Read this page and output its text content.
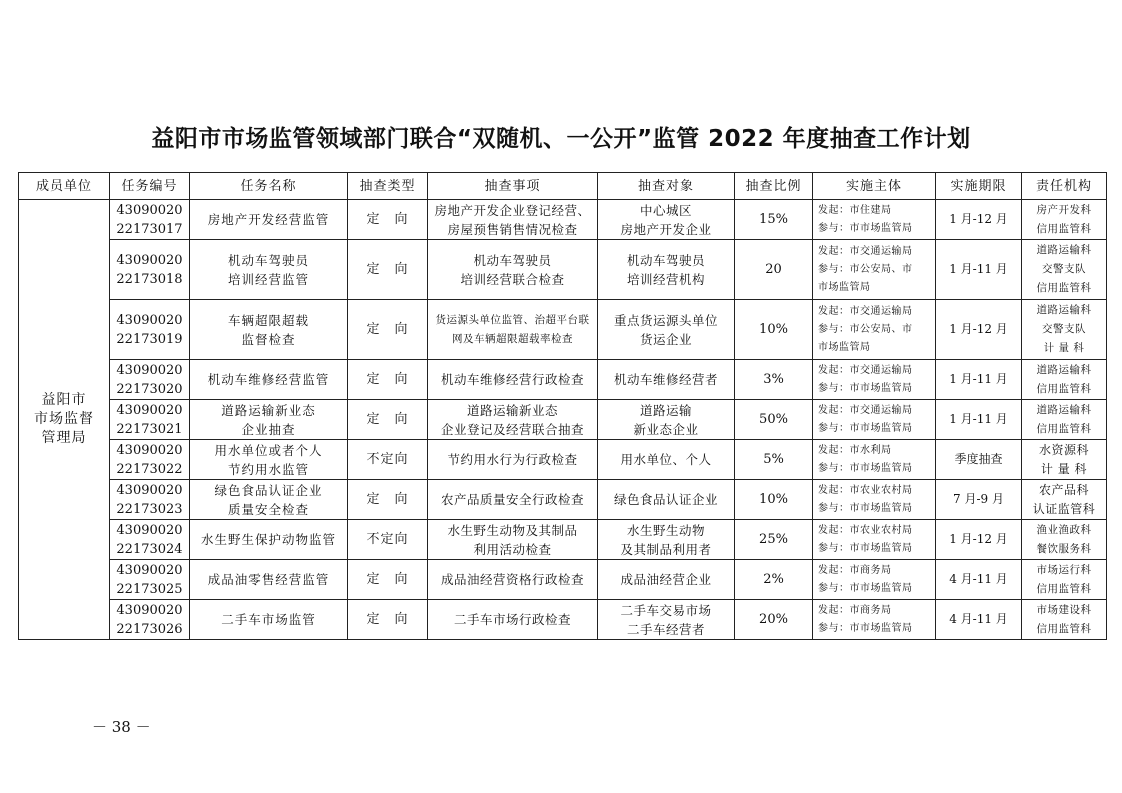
益阳市市场监管领域部门联合“双随机、一公开”监管 2022 年度抽查工作计划
成员单位	任务编号	任务名称	抽查类型	抽查事项	抽查对象	抽查比例	实施主体	实施期限	责任机构

益阳市
市场监督
管理局	43090020
22173017	房地产开发经营监管	定　向	房地产开发企业登记经营、
房屋预售销售情况检查	中心城区
房地产开发企业	15%	发起：市住建局
参与：市市场监管局	1 月-12 月	房产开发科
信用监管科

	43090020
22173018	机动车驾驶员
培训经营监管	定　向	机动车驾驶员
培训经营联合检查	机动车驾驶员
培训经营机构	20	发起：市交通运输局
参与：市公安局、市
市场监管局	1 月-11 月	道路运输科
交警支队
信用监管科

	43090020
22173019	车辆超限超载
监督检查	定　向	货运源头单位监管、治超平台联
网及车辆超限超载率检查	重点货运源头单位
货运企业	10%	发起：市交通运输局
参与：市公安局、市
市场监管局	1 月-12 月	道路运输科
交警支队
计 量 科

	43090020
22173020	机动车维修经营监管	定　向	机动车维修经营行政检查	机动车维修经营者	3%	发起：市交通运输局
参与：市市场监管局	1 月-11 月	道路运输科
信用监管科

	43090020
22173021	道路运输新业态
企业抽查	定　向	道路运输新业态
企业登记及经营联合抽查	道路运输
新业态企业	50%	发起：市交通运输局
参与：市市场监管局	1 月-11 月	道路运输科
信用监管科

	43090020
22173022	用水单位或者个人
节约用水监管	不定向	节约用水行为行政检查	用水单位、个人	5%	发起：市水利局
参与：市市场监管局	季度抽查	水资源科
计 量 科

	43090020
22173023	绿色食品认证企业
质量安全检查	定　向	农产品质量安全行政检查	绿色食品认证企业	10%	发起：市农业农村局
参与：市市场监管局	7 月-9 月	农产品科
认证监管科

	43090020
22173024	水生野生保护动物监管	不定向	水生野生动物及其制品
利用活动检查	水生野生动物
及其制品利用者	25%	发起：市农业农村局
参与：市市场监管局	1 月-12 月	渔业渔政科
餐饮服务科

	43090020
22173025	成品油零售经营监管	定　向	成品油经营资格行政检查	成品油经营企业	2%	发起：市商务局
参与：市市场监管局	4 月-11 月	市场运行科
信用监管科

	43090020
22173026	二手车市场监管	定　向	二手车市场行政检查	二手车交易市场
二手车经营者	20%	发起：市商务局
参与：市市场监管局	4 月-11 月	市场建设科
信用监管科
－ 38 －
